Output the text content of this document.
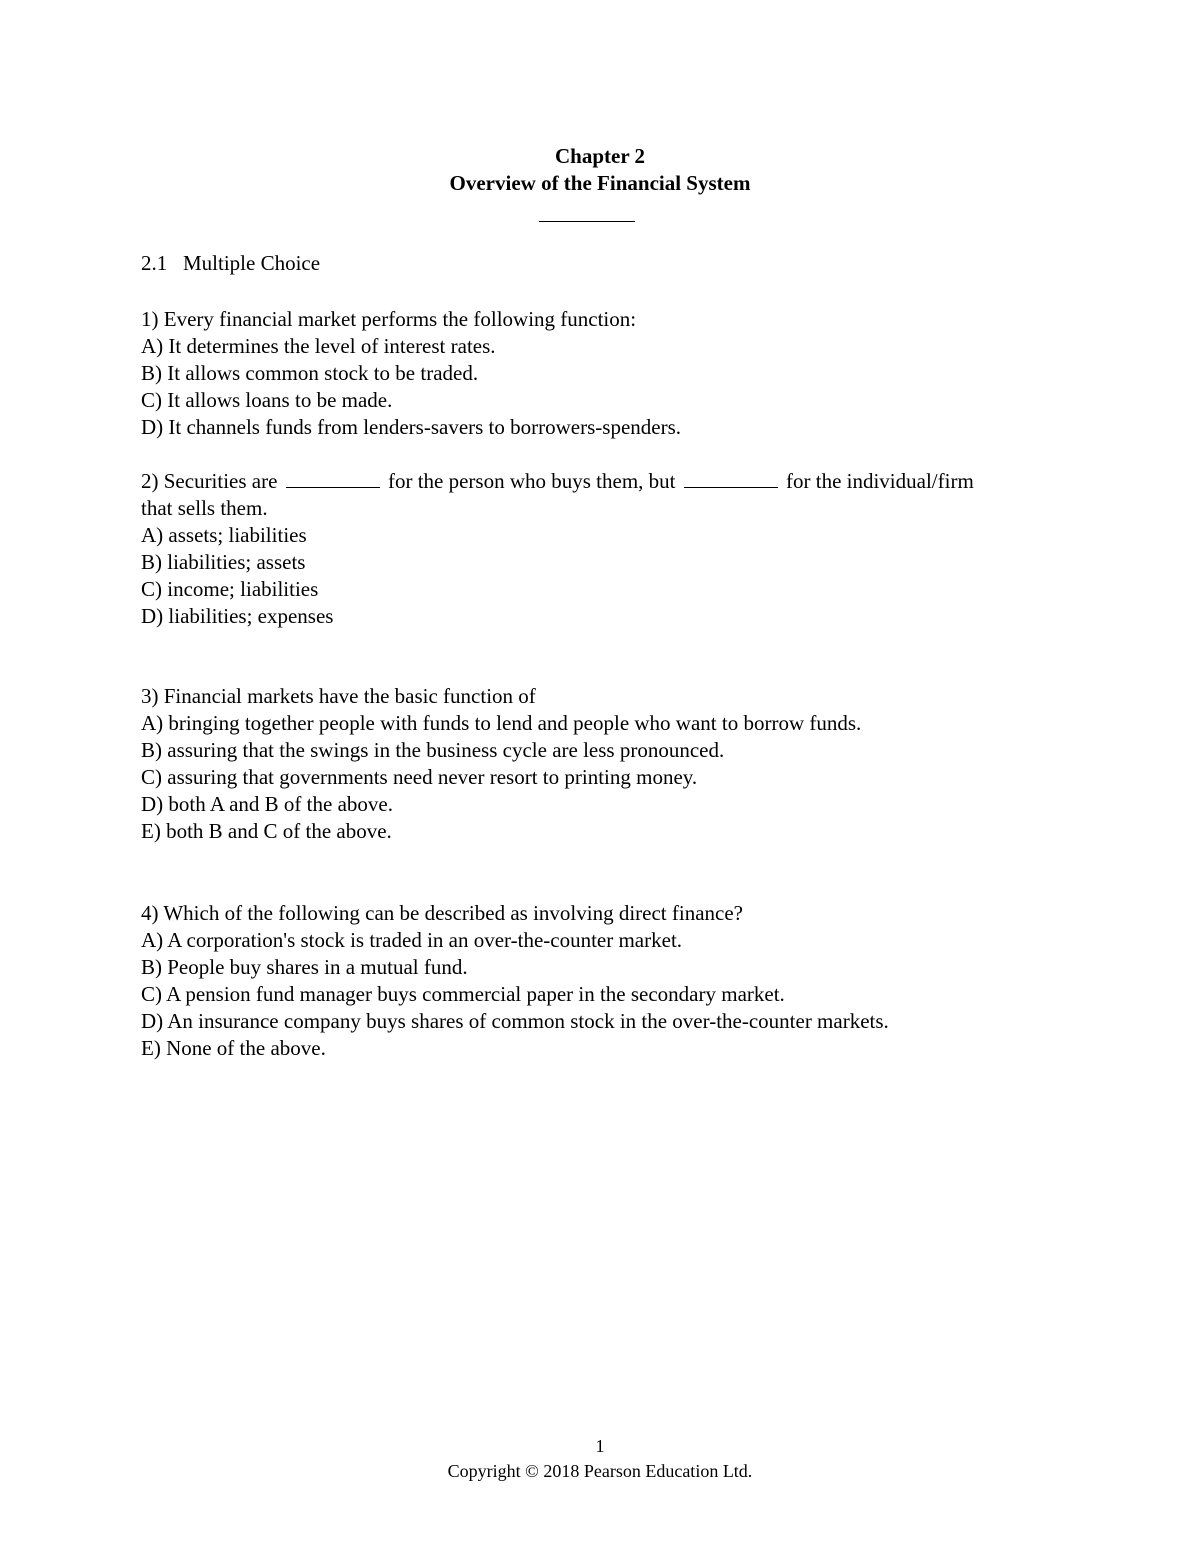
Chapter 2
Overview of the Financial System
2.1 Multiple Choice
1) Every financial market performs the following function:
A) It determines the level of interest rates.
B) It allows common stock to be traded.
C) It allows loans to be made.
D) It channels funds from lenders-savers to borrowers-spenders.
2) Securities are	for the person who buys them, but	for the individual/firm
that sells them.
A) assets; liabilities
B) liabilities; assets
C) income; liabilities
D) liabilities; expenses
3) Financial markets have the basic function of
A) bringing together people with funds to lend and people who want to borrow funds.
B) assuring that the swings in the business cycle are less pronounced.
C) assuring that governments need never resort to printing money.
D) both A and B of the above.
E) both B and C of the above.
4) Which of the following can be described as involving direct finance?
A) A corporation's stock is traded in an over-the-counter market.
B) People buy shares in a mutual fund.
C) A pension fund manager buys commercial paper in the secondary market.
D) An insurance company buys shares of common stock in the over-the-counter markets.
E) None of the above.
1
Copyright © 2018 Pearson Education Ltd.
